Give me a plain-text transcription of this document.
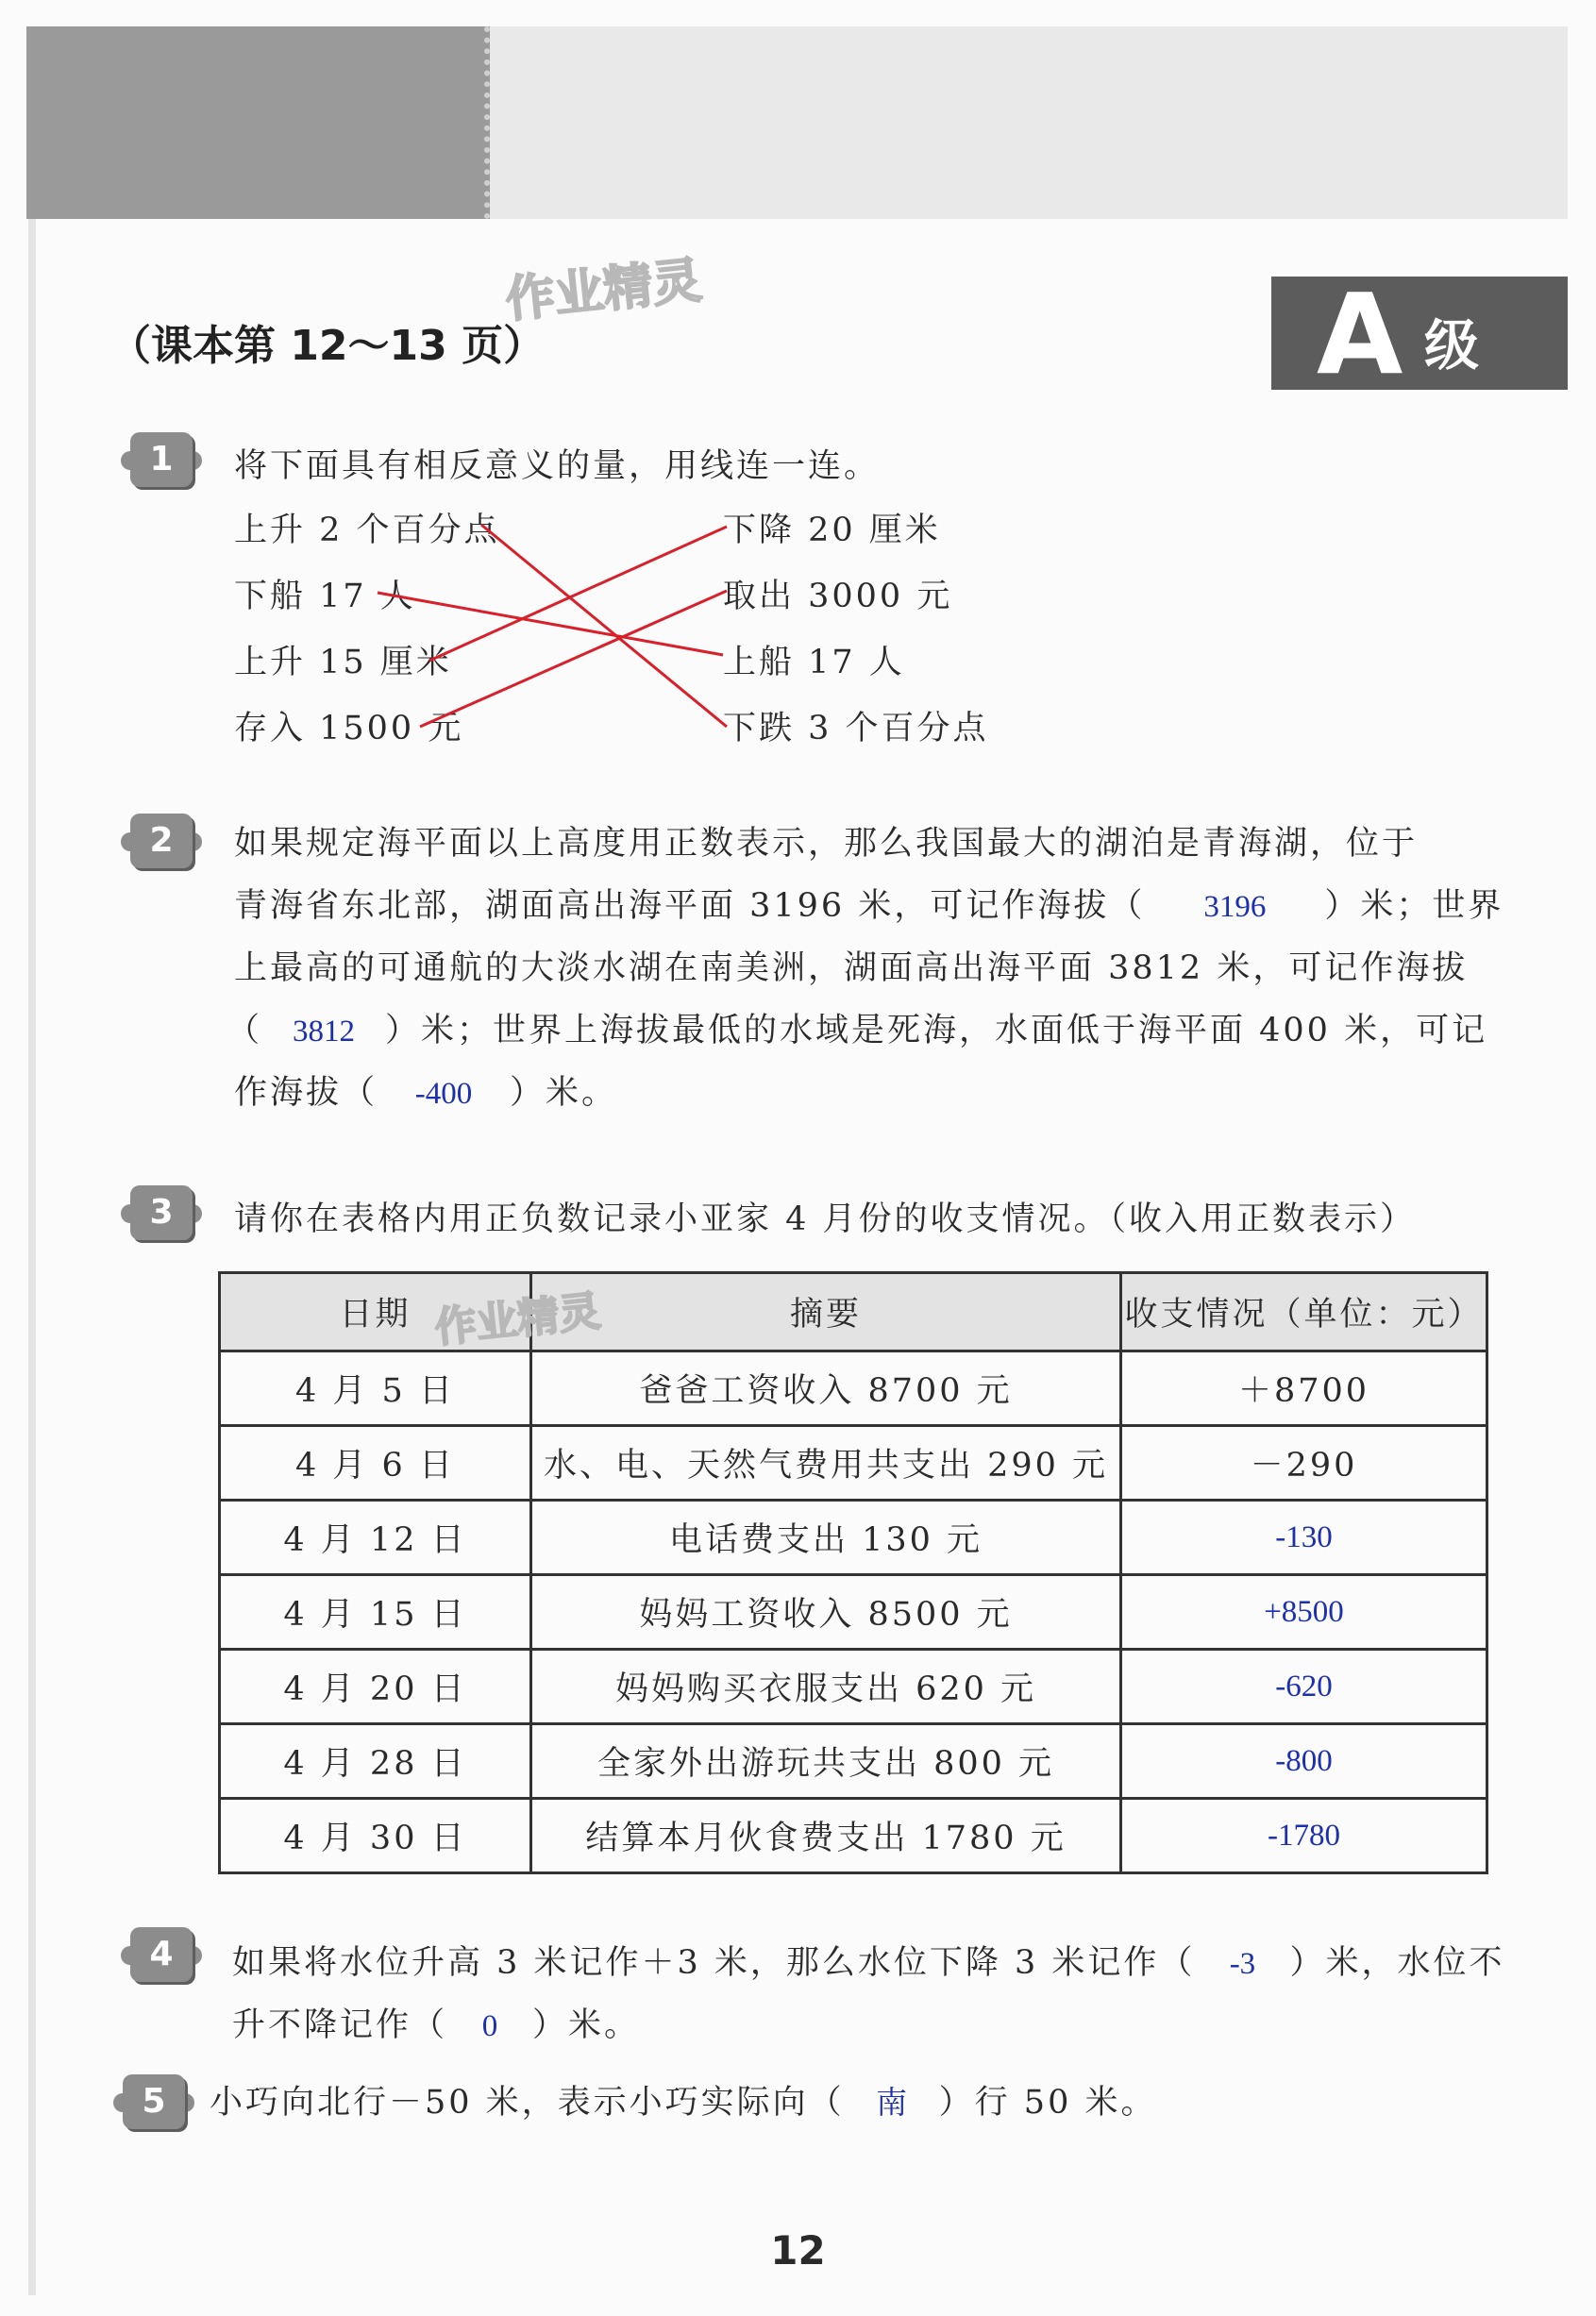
（课本第 12～13 页）
作业精灵	A 级
1	将下面具有相反意义的量，用线连一连。
上升 2 个百分点
下船 17 人
上升 15 厘米
存入 1500 元
下降 20 厘米
取出 3000 元
上船 17 人
下跌 3 个百分点
2	如果规定海平面以上高度用正数表示，那么我国最大的湖泊是青海湖，位于
青海省东北部，湖面高出海平面 3196 米，可记作海拔（ 3196 ）米；世界
上最高的可通航的大淡水湖在南美洲，湖面高出海平面 3812 米，可记作海拔
（ 3812 ）米；世界上海拔最低的水域是死海，水面低于海平面 400 米，可记
作海拔（ -400 ）米。
3	请你在表格内用正负数记录小亚家 4 月份的收支情况。（收入用正数表示）
日期	摘要	收支情况（单位：元）
4 月 5 日	爸爸工资收入 8700 元	＋8700
4 月 6 日	水、电、天然气费用共支出 290 元	－290
4 月 12 日	电话费支出 130 元	-130
4 月 15 日	妈妈工资收入 8500 元	+8500
4 月 20 日	妈妈购买衣服支出 620 元	-620
4 月 28 日	全家外出游玩共支出 800 元	-800
4 月 30 日	结算本月伙食费支出 1780 元	-1780
作业精灵
4	如果将水位升高 3 米记作＋3 米，那么水位下降 3 米记作（ -3 ）米，水位不
升不降记作（ 0 ）米。
5	小巧向北行－50 米，表示小巧实际向（ 南 ）行 50 米。
12
